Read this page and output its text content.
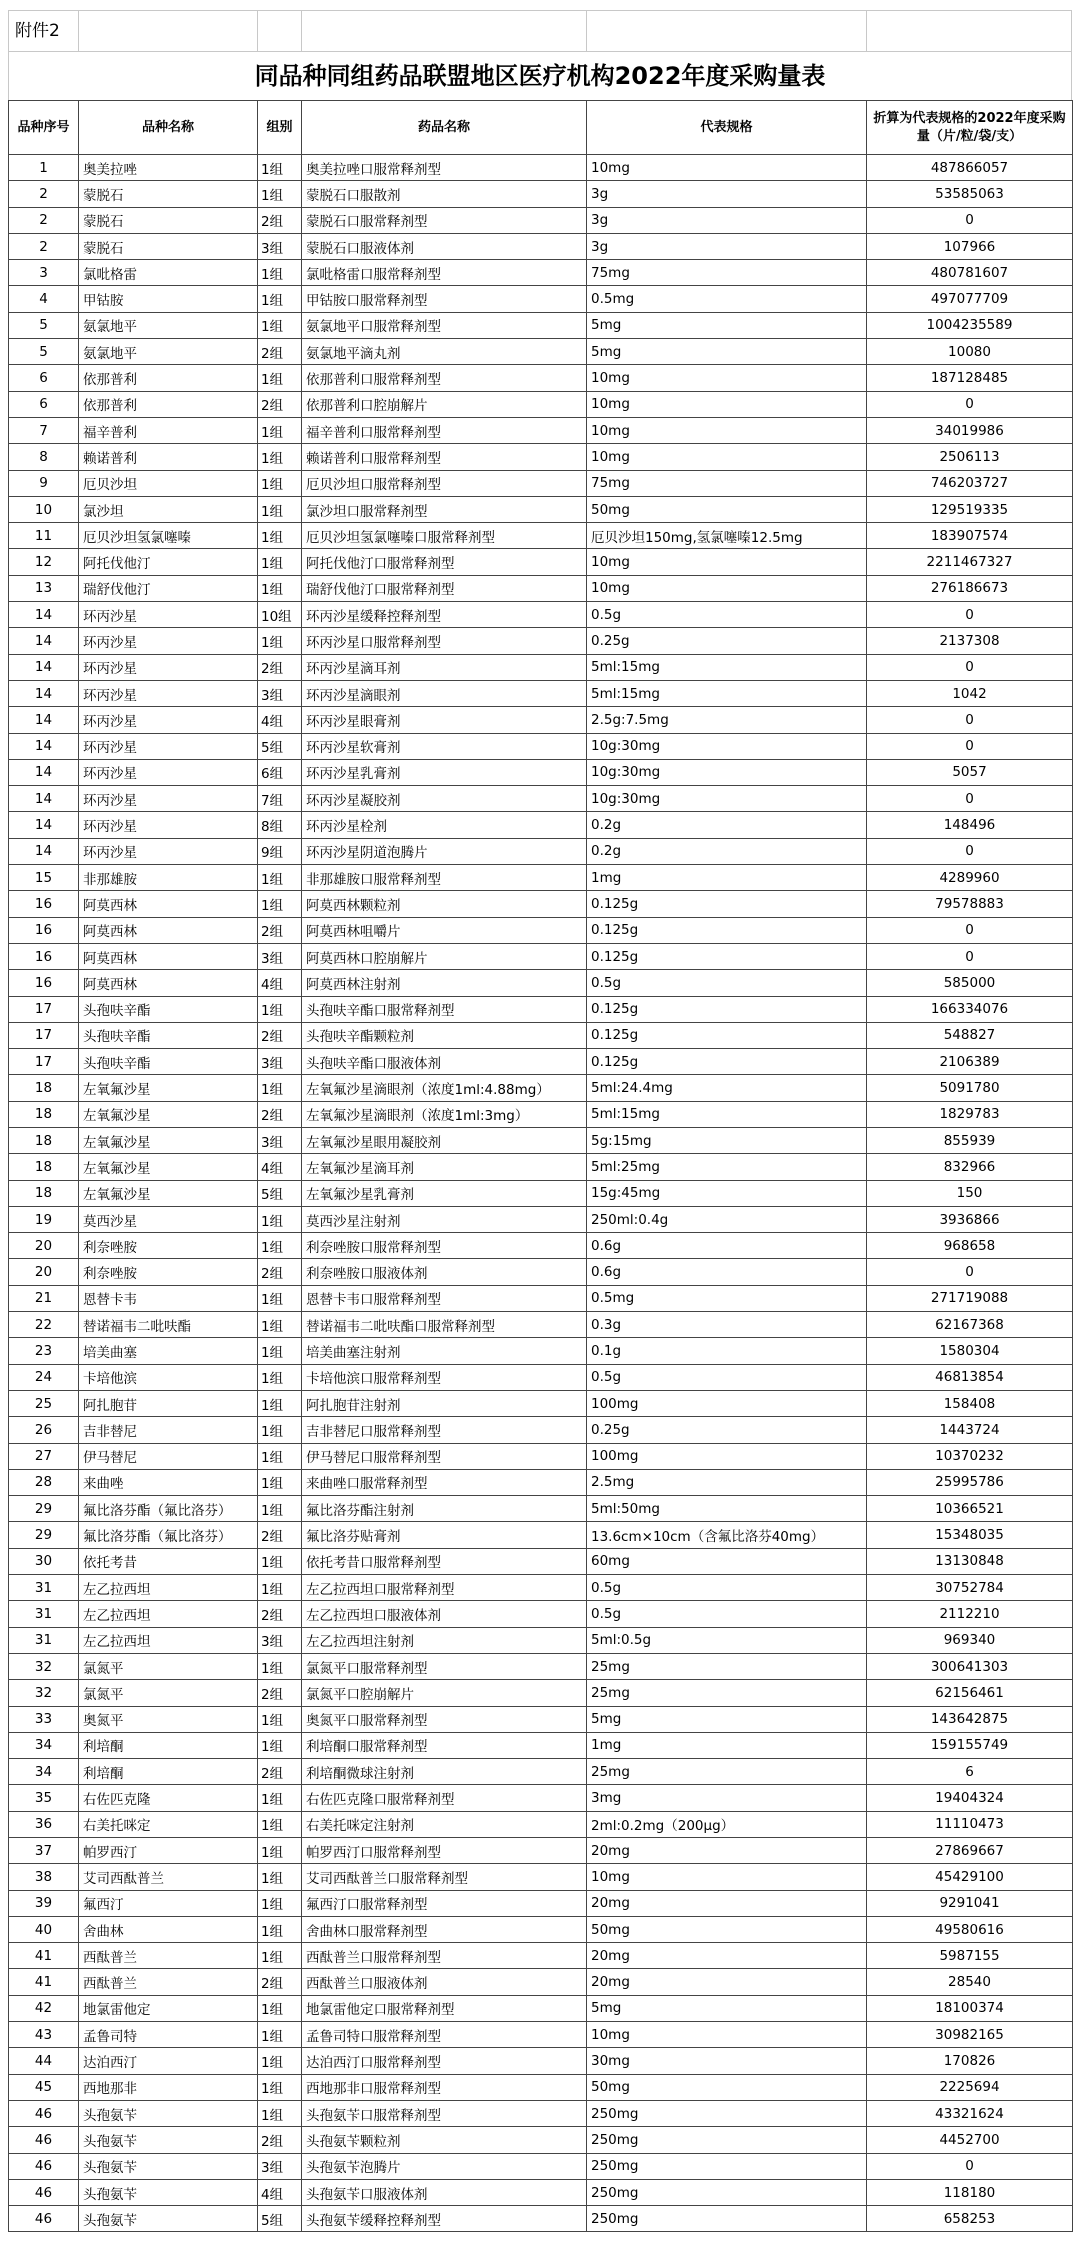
附件2
同品种同组药品联盟地区医疗机构2022年度采购量表
品种序号	品种名称	组别	药品名称	代表规格	折算为代表规格的2022年度采购量（片/粒/袋/支）
1	奥美拉唑	1组	奥美拉唑口服常释剂型	10mg	487866057
2	蒙脱石	1组	蒙脱石口服散剂	3g	53585063
2	蒙脱石	2组	蒙脱石口服常释剂型	3g	0
2	蒙脱石	3组	蒙脱石口服液体剂	3g	107966
3	氯吡格雷	1组	氯吡格雷口服常释剂型	75mg	480781607
4	甲钴胺	1组	甲钴胺口服常释剂型	0.5mg	497077709
5	氨氯地平	1组	氨氯地平口服常释剂型	5mg	1004235589
5	氨氯地平	2组	氨氯地平滴丸剂	5mg	10080
6	依那普利	1组	依那普利口服常释剂型	10mg	187128485
6	依那普利	2组	依那普利口腔崩解片	10mg	0
7	福辛普利	1组	福辛普利口服常释剂型	10mg	34019986
8	赖诺普利	1组	赖诺普利口服常释剂型	10mg	2506113
9	厄贝沙坦	1组	厄贝沙坦口服常释剂型	75mg	746203727
10	氯沙坦	1组	氯沙坦口服常释剂型	50mg	129519335
11	厄贝沙坦氢氯噻嗪	1组	厄贝沙坦氢氯噻嗪口服常释剂型	厄贝沙坦150mg,氢氯噻嗪12.5mg	183907574
12	阿托伐他汀	1组	阿托伐他汀口服常释剂型	10mg	2211467327
13	瑞舒伐他汀	1组	瑞舒伐他汀口服常释剂型	10mg	276186673
14	环丙沙星	10组	环丙沙星缓释控释剂型	0.5g	0
14	环丙沙星	1组	环丙沙星口服常释剂型	0.25g	2137308
14	环丙沙星	2组	环丙沙星滴耳剂	5ml:15mg	0
14	环丙沙星	3组	环丙沙星滴眼剂	5ml:15mg	1042
14	环丙沙星	4组	环丙沙星眼膏剂	2.5g:7.5mg	0
14	环丙沙星	5组	环丙沙星软膏剂	10g:30mg	0
14	环丙沙星	6组	环丙沙星乳膏剂	10g:30mg	5057
14	环丙沙星	7组	环丙沙星凝胶剂	10g:30mg	0
14	环丙沙星	8组	环丙沙星栓剂	0.2g	148496
14	环丙沙星	9组	环丙沙星阴道泡腾片	0.2g	0
15	非那雄胺	1组	非那雄胺口服常释剂型	1mg	4289960
16	阿莫西林	1组	阿莫西林颗粒剂	0.125g	79578883
16	阿莫西林	2组	阿莫西林咀嚼片	0.125g	0
16	阿莫西林	3组	阿莫西林口腔崩解片	0.125g	0
16	阿莫西林	4组	阿莫西林注射剂	0.5g	585000
17	头孢呋辛酯	1组	头孢呋辛酯口服常释剂型	0.125g	166334076
17	头孢呋辛酯	2组	头孢呋辛酯颗粒剂	0.125g	548827
17	头孢呋辛酯	3组	头孢呋辛酯口服液体剂	0.125g	2106389
18	左氧氟沙星	1组	左氧氟沙星滴眼剂（浓度1ml:4.88mg）	5ml:24.4mg	5091780
18	左氧氟沙星	2组	左氧氟沙星滴眼剂（浓度1ml:3mg）	5ml:15mg	1829783
18	左氧氟沙星	3组	左氧氟沙星眼用凝胶剂	5g:15mg	855939
18	左氧氟沙星	4组	左氧氟沙星滴耳剂	5ml:25mg	832966
18	左氧氟沙星	5组	左氧氟沙星乳膏剂	15g:45mg	150
19	莫西沙星	1组	莫西沙星注射剂	250ml:0.4g	3936866
20	利奈唑胺	1组	利奈唑胺口服常释剂型	0.6g	968658
20	利奈唑胺	2组	利奈唑胺口服液体剂	0.6g	0
21	恩替卡韦	1组	恩替卡韦口服常释剂型	0.5mg	271719088
22	替诺福韦二吡呋酯	1组	替诺福韦二吡呋酯口服常释剂型	0.3g	62167368
23	培美曲塞	1组	培美曲塞注射剂	0.1g	1580304
24	卡培他滨	1组	卡培他滨口服常释剂型	0.5g	46813854
25	阿扎胞苷	1组	阿扎胞苷注射剂	100mg	158408
26	吉非替尼	1组	吉非替尼口服常释剂型	0.25g	1443724
27	伊马替尼	1组	伊马替尼口服常释剂型	100mg	10370232
28	来曲唑	1组	来曲唑口服常释剂型	2.5mg	25995786
29	氟比洛芬酯（氟比洛芬）	1组	氟比洛芬酯注射剂	5ml:50mg	10366521
29	氟比洛芬酯（氟比洛芬）	2组	氟比洛芬贴膏剂	13.6cm×10cm（含氟比洛芬40mg）	15348035
30	依托考昔	1组	依托考昔口服常释剂型	60mg	13130848
31	左乙拉西坦	1组	左乙拉西坦口服常释剂型	0.5g	30752784
31	左乙拉西坦	2组	左乙拉西坦口服液体剂	0.5g	2112210
31	左乙拉西坦	3组	左乙拉西坦注射剂	5ml:0.5g	969340
32	氯氮平	1组	氯氮平口服常释剂型	25mg	300641303
32	氯氮平	2组	氯氮平口腔崩解片	25mg	62156461
33	奥氮平	1组	奥氮平口服常释剂型	5mg	143642875
34	利培酮	1组	利培酮口服常释剂型	1mg	159155749
34	利培酮	2组	利培酮微球注射剂	25mg	6
35	右佐匹克隆	1组	右佐匹克隆口服常释剂型	3mg	19404324
36	右美托咪定	1组	右美托咪定注射剂	2ml:0.2mg（200μg）	11110473
37	帕罗西汀	1组	帕罗西汀口服常释剂型	20mg	27869667
38	艾司西酞普兰	1组	艾司西酞普兰口服常释剂型	10mg	45429100
39	氟西汀	1组	氟西汀口服常释剂型	20mg	9291041
40	舍曲林	1组	舍曲林口服常释剂型	50mg	49580616
41	西酞普兰	1组	西酞普兰口服常释剂型	20mg	5987155
41	西酞普兰	2组	西酞普兰口服液体剂	20mg	28540
42	地氯雷他定	1组	地氯雷他定口服常释剂型	5mg	18100374
43	孟鲁司特	1组	孟鲁司特口服常释剂型	10mg	30982165
44	达泊西汀	1组	达泊西汀口服常释剂型	30mg	170826
45	西地那非	1组	西地那非口服常释剂型	50mg	2225694
46	头孢氨苄	1组	头孢氨苄口服常释剂型	250mg	43321624
46	头孢氨苄	2组	头孢氨苄颗粒剂	250mg	4452700
46	头孢氨苄	3组	头孢氨苄泡腾片	250mg	0
46	头孢氨苄	4组	头孢氨苄口服液体剂	250mg	118180
46	头孢氨苄	5组	头孢氨苄缓释控释剂型	250mg	658253
